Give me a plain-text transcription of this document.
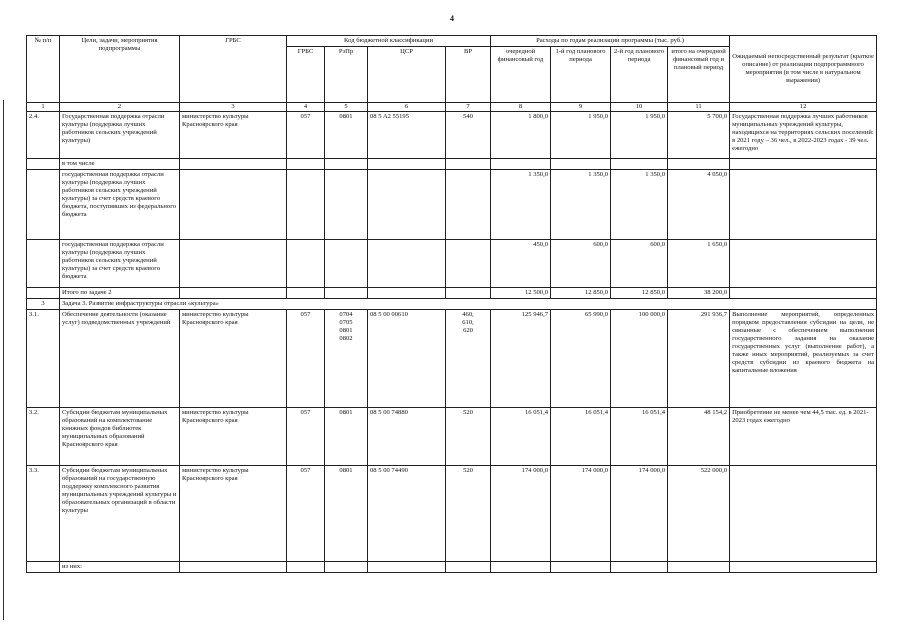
4
№ п/п	Цели, задачи, мероприятия подпрограммы	ГРБС	Код бюджетной классификации				Расходы по годам реализации программы (тыс. руб.)				Ожидаемый непосредственный результат (краткое описание) от реализации подпрограммного мероприятия (в том числе в натуральном выражении)
			ГРБС	РзПр	ЦСР	ВР	очередной финансовый год	1-й год планового периода	2-й год планового периода	итого на очередной финансовый год и плановый период	
1	2	3	4	5	6	7	8	9	10	11	12
2.4.	Государственная поддержка отрасли культуры (поддержка лучших работников сельских учреждений культуры)	министерство культуры Красноярского края	057	0801	08 5 A2 55195	540	1 800,0	1 950,0	1 950,0	5 700,0	Государственная поддержка лучших работников муниципальных учреждений культуры, находящихся на территориях сельских поселений: в 2021 году – 36 чел., в 2022-2023 годах - 39 чел. ежегодно
	в том числе										
	государственная поддержка отрасли культуры (поддержка лучших работников сельских учреждений культуры) за счет средств краевого бюджета, поступивших из федерального бюджета						1 350,0	1 350,0	1 350,0	4 050,0	
	государственная поддержка отрасли культуры (поддержка лучших работников сельских учреждений культуры) за счет средств краевого бюджета						450,0	600,0	600,0	1 650,0	
	Итого по задаче 2						12 500,0	12 850,0	12 850,0	38 200,0	
3	Задача 3. Развитие инфраструктуры отрасли «культура»										
3.1.	Обеспечение деятельности (оказание услуг) подведомственных учреждений	министерство культуры Красноярского края	057	0704 0705 0801 0802	08 5 00 00610	460, 610, 620	125 946,7	65 990,0	100 000,0	291 936,7	Выполнение мероприятий, определенных порядком предоставления субсидии на цели, не связанные с обеспечением выполнения государственного задания на оказание государственных услуг (выполнение работ), а также иных мероприятий, реализуемых за счет средств субсидии из краевого бюджета на капитальные вложения
3.2.	Субсидии бюджетам муниципальных образований на комплектование книжных фондов библиотек муниципальных образований Красноярского края	министерство культуры Красноярского края	057	0801	08 5 00 74880	520	16 051,4	16 051,4	16 051,4	48 154,2	Приобретение не менее чем 44,5 тыс. ед. в 2021-2023 годах ежегодно
3.3.	Субсидии бюджетам муниципальных образований на государственную поддержку комплексного развития муниципальных учреждений культуры и образовательных организаций в области культуры	министерство культуры Красноярского края	057	0801	08 5 00 74490	520	174 000,0	174 000,0	174 000,0	522 000,0	
	из них:										
